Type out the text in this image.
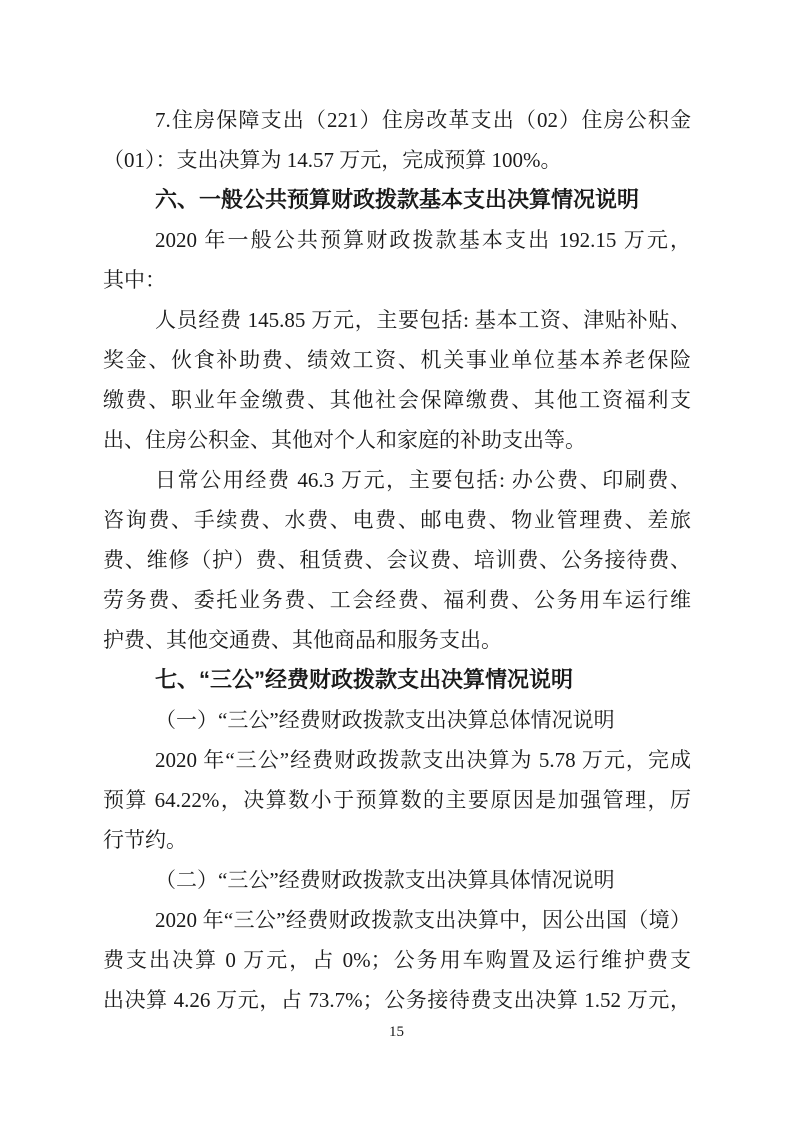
7.住房保障支出（221）住房改革支出（02）住房公积金
（01）：支出决算为 14.57 万元，完成预算 100%。
六、一般公共预算财政拨款基本支出决算情况说明
2020 年一般公共预算财政拨款基本支出 192.15 万元，
其中：
人员经费 145.85 万元，主要包括: 基本工资、津贴补贴、
奖金、伙食补助费、绩效工资、机关事业单位基本养老保险
缴费、职业年金缴费、其他社会保障缴费、其他工资福利支
出、住房公积金、其他对个人和家庭的补助支出等。
日常公用经费 46.3 万元，主要包括: 办公费、印刷费、
咨询费、手续费、水费、电费、邮电费、物业管理费、差旅
费、维修（护）费、租赁费、会议费、培训费、公务接待费、
劳务费、委托业务费、工会经费、福利费、公务用车运行维
护费、其他交通费、其他商品和服务支出。
七、“三公”经费财政拨款支出决算情况说明
（一）“三公”经费财政拨款支出决算总体情况说明
2020 年“三公”经费财政拨款支出决算为 5.78 万元，完成
预算 64.22%，决算数小于预算数的主要原因是加强管理，厉
行节约。
（二）“三公”经费财政拨款支出决算具体情况说明
2020 年“三公”经费财政拨款支出决算中，因公出国（境）
费支出决算 0 万元，占 0%；公务用车购置及运行维护费支
出决算 4.26 万元，占 73.7%；公务接待费支出决算 1.52 万元，
15
